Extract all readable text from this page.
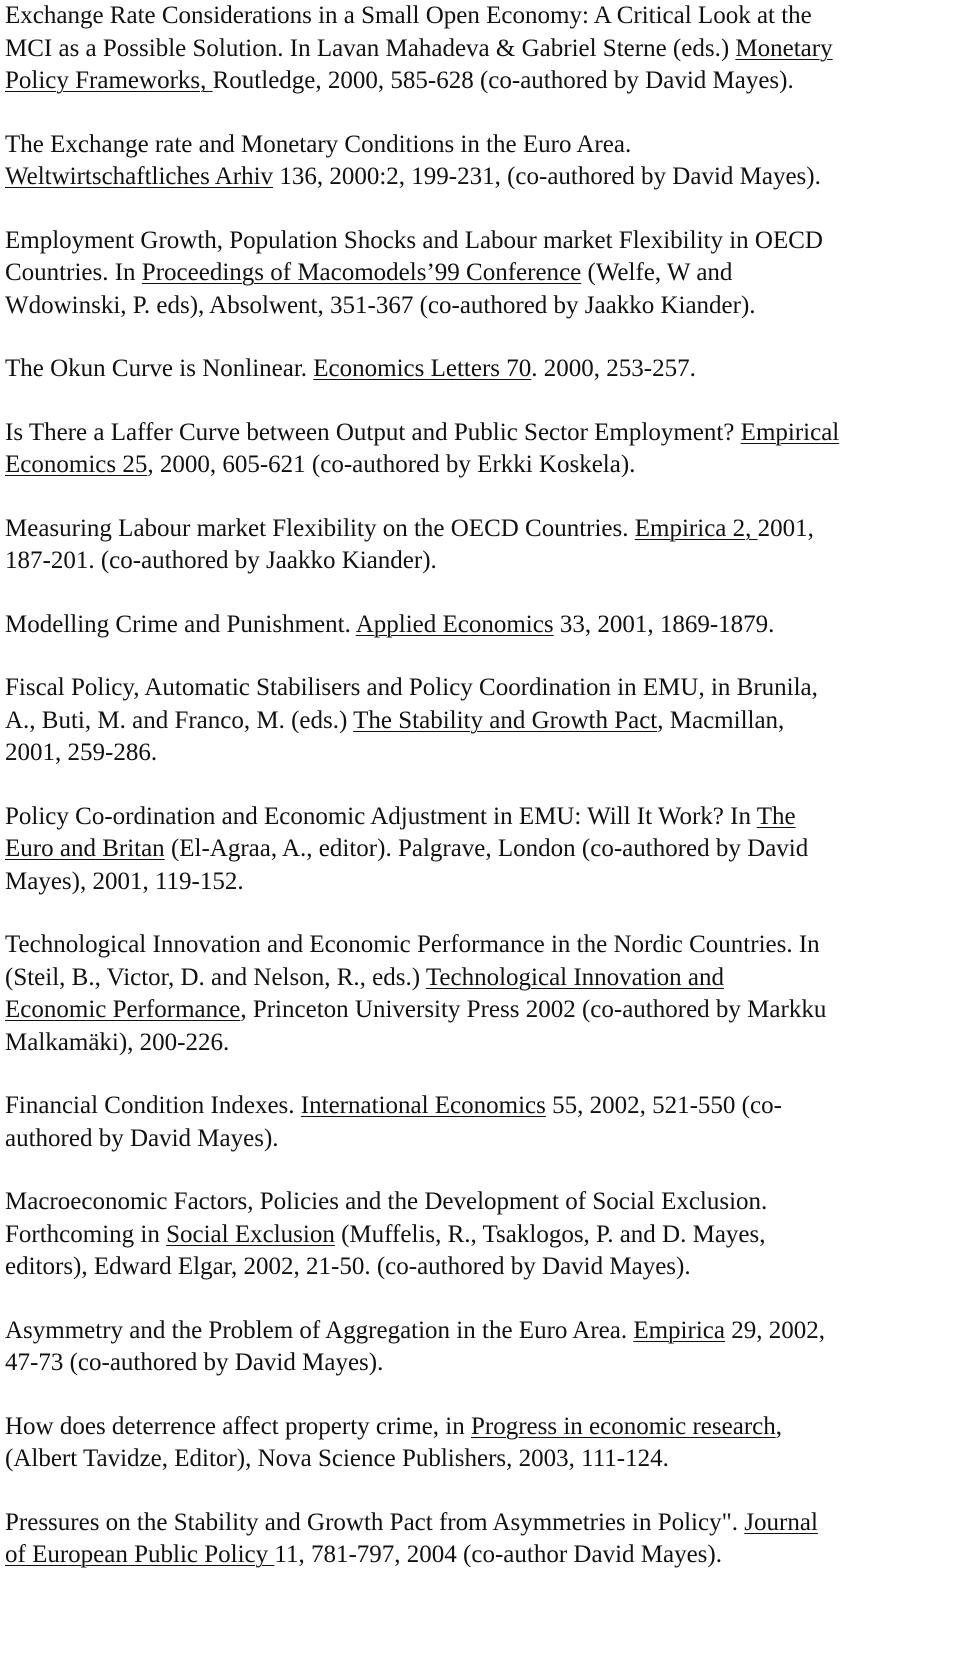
Exchange Rate Considerations in a Small Open Economy: A Critical Look at the
MCI as a Possible Solution. In Lavan Mahadeva & Gabriel Sterne (eds.) Monetary
Policy Frameworks, Routledge, 2000, 585-628 (co-authored by David Mayes).
The Exchange rate and Monetary Conditions in the Euro Area.
Weltwirtschaftliches Arhiv 136, 2000:2, 199-231, (co-authored by David Mayes).
Employment Growth, Population Shocks and Labour market Flexibility in OECD
Countries. In Proceedings of Macomodels’99 Conference (Welfe, W and
Wdowinski, P. eds), Absolwent, 351-367 (co-authored by Jaakko Kiander).
The Okun Curve is Nonlinear. Economics Letters 70. 2000, 253-257.
Is There a Laffer Curve between Output and Public Sector Employment? Empirical
Economics 25, 2000, 605-621 (co-authored by Erkki Koskela).
Measuring Labour market Flexibility on the OECD Countries. Empirica 2, 2001,
187-201. (co-authored by Jaakko Kiander).
Modelling Crime and Punishment. Applied Economics 33, 2001, 1869-1879.
Fiscal Policy, Automatic Stabilisers and Policy Coordination in EMU, in Brunila,
A., Buti, M. and Franco, M. (eds.) The Stability and Growth Pact, Macmillan,
2001, 259-286.
Policy Co-ordination and Economic Adjustment in EMU: Will It Work? In The
Euro and Britan (El-Agraa, A., editor). Palgrave, London (co-authored by David
Mayes), 2001, 119-152.
Technological Innovation and Economic Performance in the Nordic Countries. In
(Steil, B., Victor, D. and Nelson, R., eds.) Technological Innovation and
Economic Performance, Princeton University Press 2002 (co-authored by Markku
Malkamäki), 200-226.
Financial Condition Indexes. International Economics 55, 2002, 521-550 (co-
authored by David Mayes).
Macroeconomic Factors, Policies and the Development of Social Exclusion.
Forthcoming in Social Exclusion (Muffelis, R., Tsaklogos, P. and D. Mayes,
editors), Edward Elgar, 2002, 21-50. (co-authored by David Mayes).
Asymmetry and the Problem of Aggregation in the Euro Area. Empirica 29, 2002,
47-73 (co-authored by David Mayes).
How does deterrence affect property crime, in Progress in economic research,
(Albert Tavidze, Editor), Nova Science Publishers, 2003, 111-124.
Pressures on the Stability and Growth Pact from Asymmetries in Policy". Journal
of European Public Policy 11, 781-797, 2004 (co-author David Mayes).
